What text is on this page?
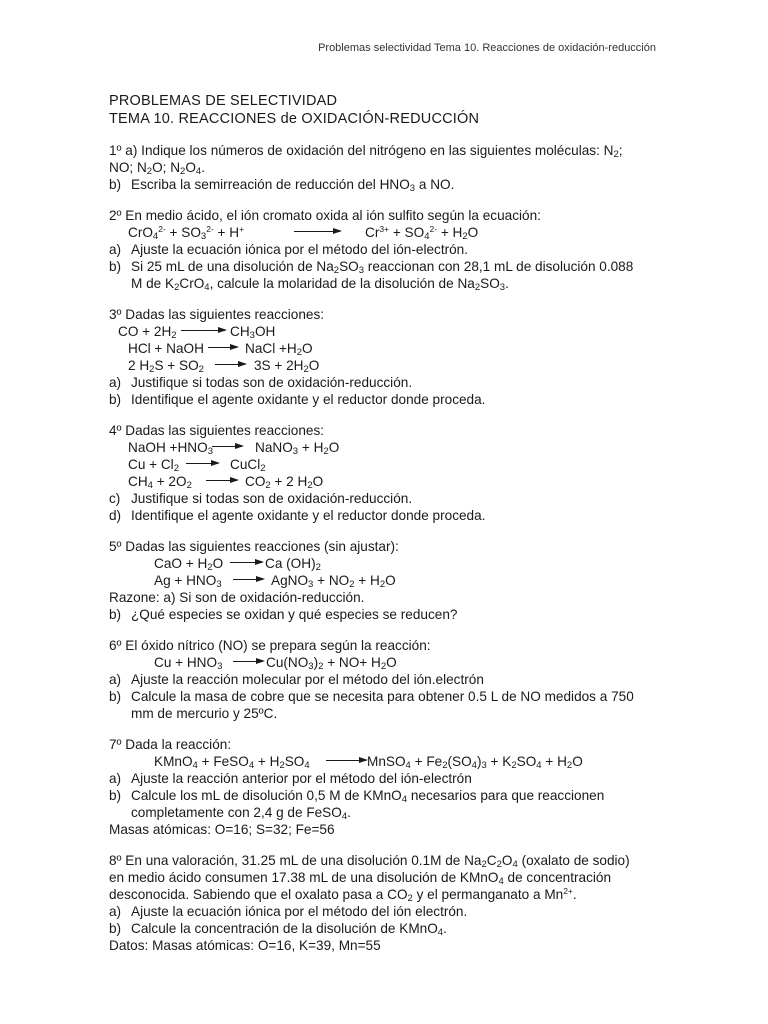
Problemas selectividad Tema 10. Reacciones de oxidación-reducción
PROBLEMAS DE SELECTIVIDAD
TEMA 10. REACCIONES de OXIDACIÓN-REDUCCIÓN
1º a) Indique los números de oxidación del nitrógeno en las siguientes moléculas: $N_2$;
NO; $N_2O$; $N_2O_4$.
b) Escriba la semirreación de reducción del $HNO_3$ a NO.
2º En medio ácido, el ión cromato oxida al ión sulfito según la ecuación:
$CrO_4^{2-} + SO_3^{2-} + H^+$	$Cr^{3+} + SO_4^{2-} + H_2O$
a) Ajuste la ecuación iónica por el método del ión-electrón.
b) Si 25 mL de una disolución de $Na_2SO_3$ reaccionan con 28,1 mL de disolución 0.088
M de $K_2CrO_4$, calcule la molaridad de la disolución de $Na_2SO_3$.
3º Dadas las siguientes reacciones:
CO + $2H_2 \to CH_3OH$
HCl + NaOH → NaCl $+H_2O$
2 $H_2S + SO_2 \to 3S + 2H_2O$
a) Justifique si todas son de oxidación-reducción.
b) Identifique el agente oxidante y el reductor donde proceda.
4º Dadas las siguientes reacciones:
NaOH $+HNO_3$ → NaNO$_3$ + $H_2O$
$Cu + Cl_2$ → CuCl$_2$
$CH_4 + 2O_2 \to CO_2 + 2$ $H_2O$
c) Justifique si todas son de oxidación-reducción.
d) Identifique el agente oxidante y el reductor donde proceda.
5º Dadas las siguientes reacciones (sin ajustar):
CaO + $H_2O \to Ca$ $(OH)_2$
$Ag + HNO_3$ → AgNO$_3$ + $NO_2 + H_2O$
Razone: a) Si son de oxidación-reducción.
b) ¿Qué especies se oxidan y qué especies se reducen?
6º El óxido nítrico (NO) se prepara según la reacción:
$Cu + HNO_3 \to Cu(NO_3)_2 + NO+ H_2O$
a) Ajuste la reacción molecular por el método del ión.electrón
b) Calcule la masa de cobre que se necesita para obtener 0.5 L de NO medidos a 750
mm de mercurio y 25ºC.
7º Dada la reacción:
KMnO$_4$ + FeSO$_4$ + $H_2SO_4$ → MnSO$_4$ + $Fe_2(SO_4)_3 + K_2SO_4 + H_2O$
a) Ajuste la reacción anterior por el método del ión-electrón
b) Calcule los mL de disolución 0,5 M de KMnO$_4$ necesarios para que reaccionen
completamente con 2,4 g de FeSO$_4$.
Masas atómicas: O=16; S=32; Fe=56
8º En una valoración, 31.25 mL de una disolución 0.1M de $Na_2C_2O_4$ (oxalato de sodio)
en medio ácido consumen 17.38 mL de una disolución de KMnO$_4$ de concentración
desconocida. Sabiendo que el oxalato pasa a $CO_2$ y el permanganato a $Mn^{2+}$.
a) Ajuste la ecuación iónica por el método del ión electrón.
b) Calcule la concentración de la disolución de KMnO$_4$.
Datos: Masas atómicas: O=16, K=39, Mn=55
